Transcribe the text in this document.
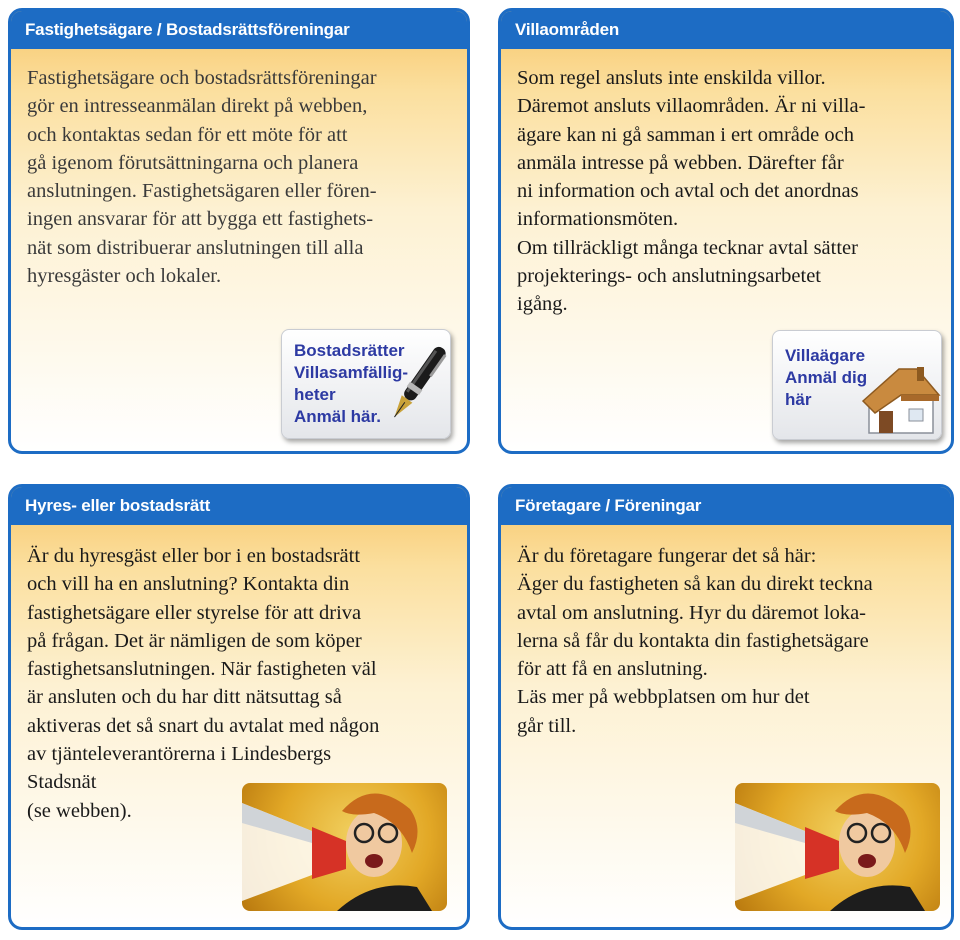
Fastighetsägare / Bostadsrättsföreningar
Fastighetsägare och bostadsrättsföreningar
gör en intresseanmälan direkt på webben,
och kontaktas sedan för ett möte för att
gå igenom förutsättningarna och planera
anslutningen. Fastighetsägaren eller fören-
ingen ansvarar för att bygga ett fastighets-
nät som distribuerar anslutningen till alla
hyresgäster och lokaler.
Bostadsrätter
Villasamfällig-
heter
Anmäl här.
Villaområden
Som regel ansluts inte enskilda villor.
Däremot ansluts villaområden. Är ni villa-
ägare kan ni gå samman i ert område och
anmäla intresse på webben. Därefter får
ni information och avtal och det anordnas
informationsmöten.
Om tillräckligt många tecknar avtal sätter
projekterings- och anslutningsarbetet
igång.
Villaägare
Anmäl dig
här
Hyres- eller bostadsrätt
Är du hyresgäst eller bor i en bostadsrätt
och vill ha en anslutning? Kontakta din
fastighetsägare eller styrelse för att driva
på frågan. Det är nämligen de som köper
fastighetsanslutningen. När fastigheten väl
är ansluten och du har ditt nätsuttag så
aktiveras det så snart du avtalat med någon
av tjänteleverantörerna i Lindesbergs
Stadsnät
(se webben).
Företagare / Föreningar
Är du företagare fungerar det så här:
Äger du fastigheten så kan du direkt teckna
avtal om anslutning. Hyr du däremot loka-
lerna så får du kontakta din fastighetsägare
för att få en anslutning.
Läs mer på webbplatsen om hur det
går till.
